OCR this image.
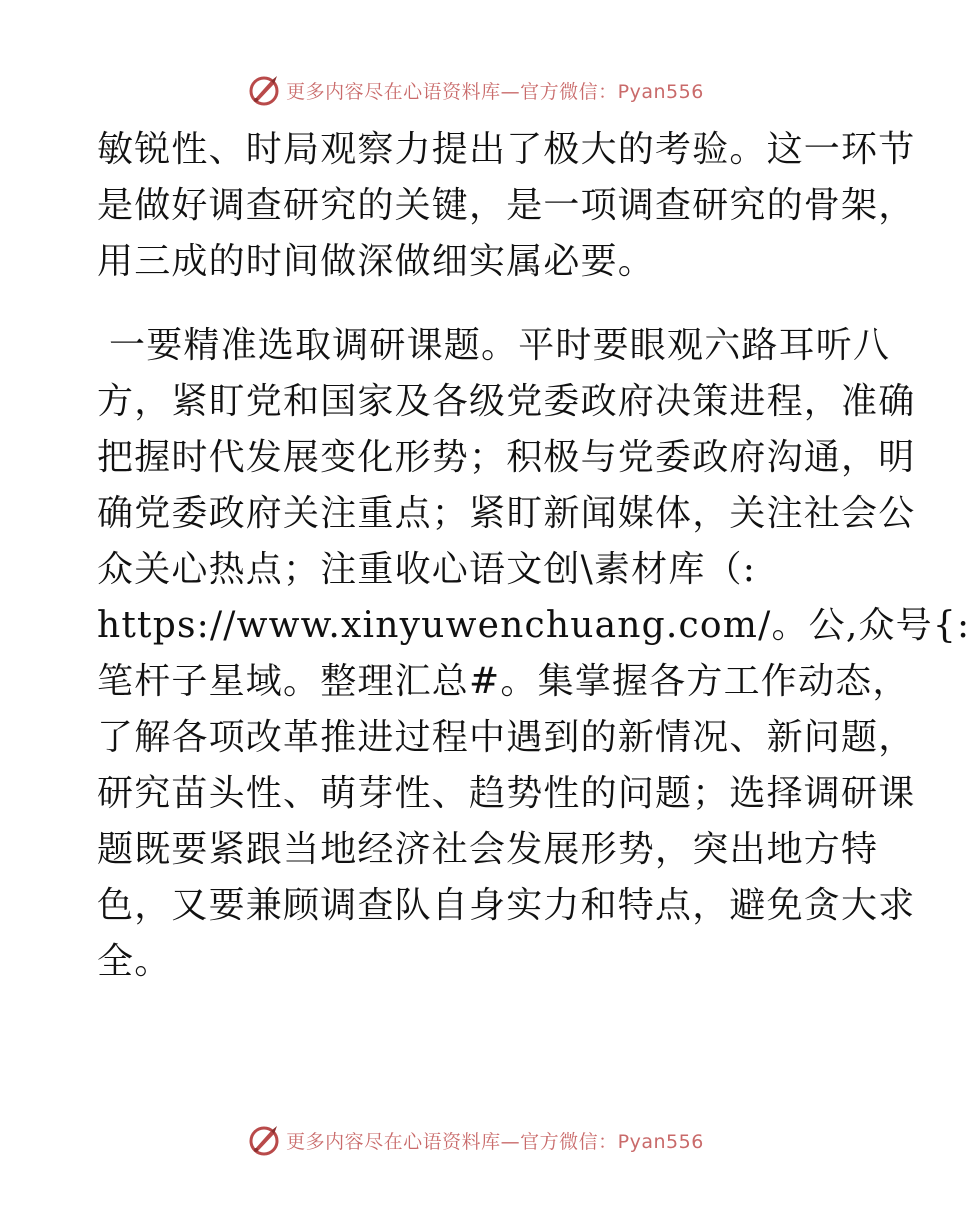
更多内容尽在心语资料库—官方微信：Pyan556

敏锐性、时局观察力提出了极大的考验。这一环节
是做好调查研究的关键，是一项调查研究的骨架，
用三成的时间做深做细实属必要。

一要精准选取调研课题。平时要眼观六路耳听八
方，紧盯党和国家及各级党委政府决策进程，准确
把握时代发展变化形势；积极与党委政府沟通，明
确党委政府关注重点；紧盯新闻媒体，关注社会公
众关心热点；注重收心语文创\素材库（:
https://www.xinyuwenchuang.com/。公,众号{:
笔杆子星域。整理汇总#。集掌握各方工作动态，
了解各项改革推进过程中遇到的新情况、新问题，
研究苗头性、萌芽性、趋势性的问题；选择调研课
题既要紧跟当地经济社会发展形势，突出地方特
色，又要兼顾调查队自身实力和特点，避免贪大求
全。

更多内容尽在心语资料库—官方微信：Pyan556
